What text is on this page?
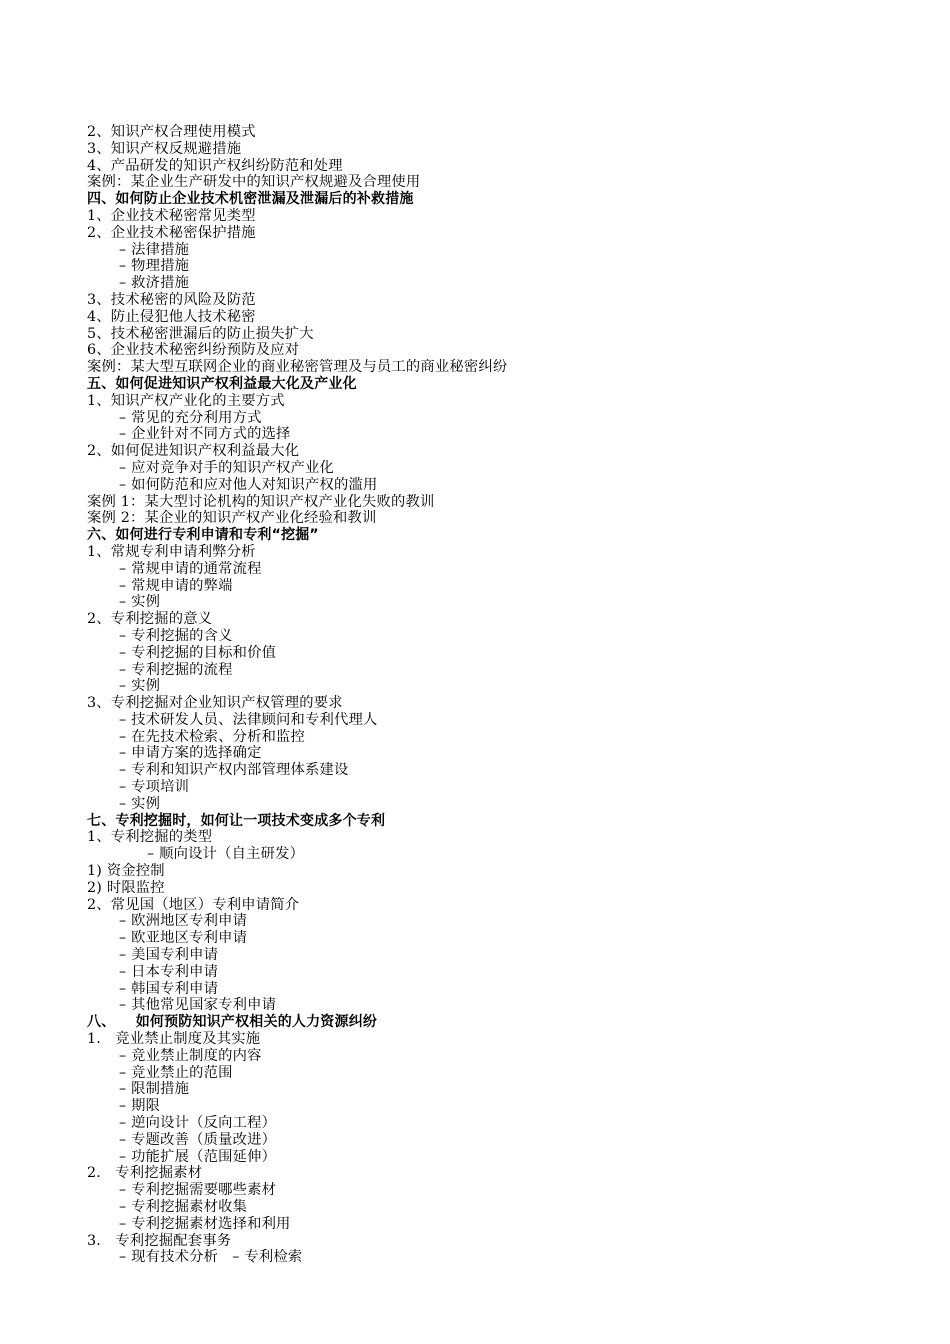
2、知识产权合理使用模式
3、知识产权反规避措施
4、产品研发的知识产权纠纷防范和处理
案例：某企业生产研发中的知识产权规避及合理使用
四、如何防止企业技术机密泄漏及泄漏后的补救措施
1、企业技术秘密常见类型
2、企业技术秘密保护措施
– 法律措施
– 物理措施
– 救济措施
3、技术秘密的风险及防范
4、防止侵犯他人技术秘密
5、技术秘密泄漏后的防止损失扩大
6、企业技术秘密纠纷预防及应对
案例：某大型互联网企业的商业秘密管理及与员工的商业秘密纠纷
五、如何促进知识产权利益最大化及产业化
1、知识产权产业化的主要方式
– 常见的充分利用方式
– 企业针对不同方式的选择
2、如何促进知识产权利益最大化
– 应对竞争对手的知识产权产业化
– 如何防范和应对他人对知识产权的滥用
案例 1：某大型讨论机构的知识产权产业化失败的教训
案例 2：某企业的知识产权产业化经验和教训
六、如何进行专利申请和专利“挖掘”
1、常规专利申请利弊分析
– 常规申请的通常流程
– 常规申请的弊端
– 实例
2、专利挖掘的意义
– 专利挖掘的含义
– 专利挖掘的目标和价值
– 专利挖掘的流程
– 实例
3、专利挖掘对企业知识产权管理的要求
– 技术研发人员、法律顾问和专利代理人
– 在先技术检索、分析和监控
– 申请方案的选择确定
– 专利和知识产权内部管理体系建设
– 专项培训
– 实例
七、专利挖掘时，如何让一项技术变成多个专利
1、专利挖掘的类型
– 顺向设计（自主研发）
1) 资金控制
2) 时限监控
2、常见国（地区）专利申请简介
– 欧洲地区专利申请
– 欧亚地区专利申请
– 美国专利申请
– 日本专利申请
– 韩国专利申请
– 其他常见国家专利申请
八、    如何预防知识产权相关的人力资源纠纷
1.   竞业禁止制度及其实施
– 竞业禁止制度的内容
– 竞业禁止的范围
– 限制措施
– 期限
– 逆向设计（反向工程）
– 专题改善（质量改进）
– 功能扩展（范围延伸）
2.   专利挖掘素材
– 专利挖掘需要哪些素材
– 专利挖掘素材收集
– 专利挖掘素材选择和利用
3.   专利挖掘配套事务
– 现有技术分析   – 专利检索
